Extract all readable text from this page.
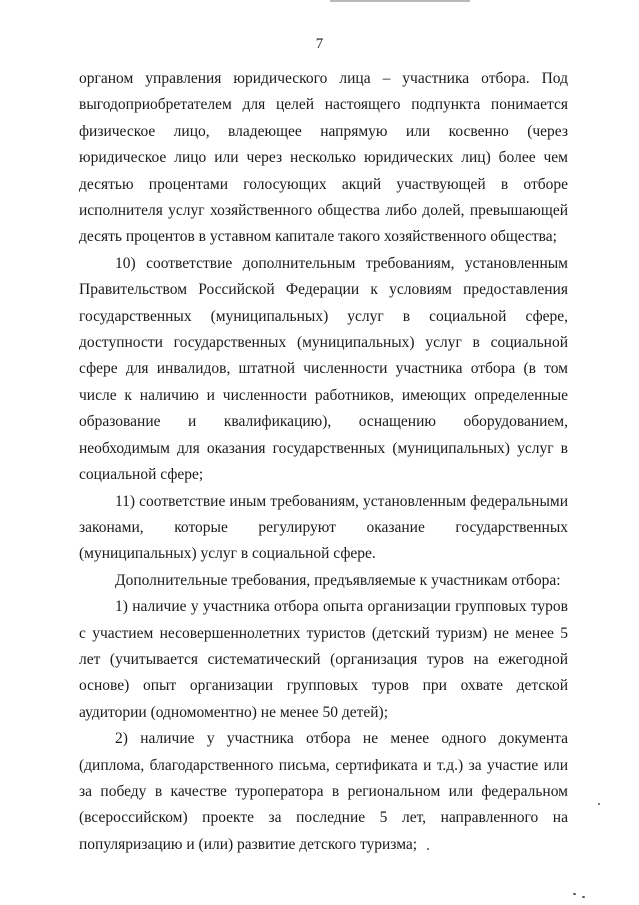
7

органом управления юридического лица – участника отбора. Под выгодоприобретателем для целей настоящего подпункта понимается физическое лицо, владеющее напрямую или косвенно (через юридическое лицо или через несколько юридических лиц) более чем десятью процентами голосующих акций участвующей в отборе исполнителя услуг хозяйственного общества либо долей, превышающей десять процентов в уставном капитале такого хозяйственного общества;

10) соответствие дополнительным требованиям, установленным Правительством Российской Федерации к условиям предоставления государственных (муниципальных) услуг в социальной сфере, доступности государственных (муниципальных) услуг в социальной сфере для инвалидов, штатной численности участника отбора (в том числе к наличию и численности работников, имеющих определенные образование и квалификацию), оснащению оборудованием, необходимым для оказания государственных (муниципальных) услуг в социальной сфере;

11) соответствие иным требованиям, установленным федеральными законами, которые регулируют оказание государственных (муниципальных) услуг в социальной сфере.

Дополнительные требования, предъявляемые к участникам отбора:

1) наличие у участника отбора опыта организации групповых туров с участием несовершеннолетних туристов (детский туризм) не менее 5 лет (учитывается систематический (организация туров на ежегодной основе) опыт организации групповых туров при охвате детской аудитории (одномоментно) не менее 50 детей);

2) наличие у участника отбора не менее одного документа (диплома, благодарственного письма, сертификата и т.д.) за участие или за победу в качестве туроператора в региональном или федеральном (всероссийском) проекте за последние 5 лет, направленного на популяризацию и (или) развитие детского туризма;
